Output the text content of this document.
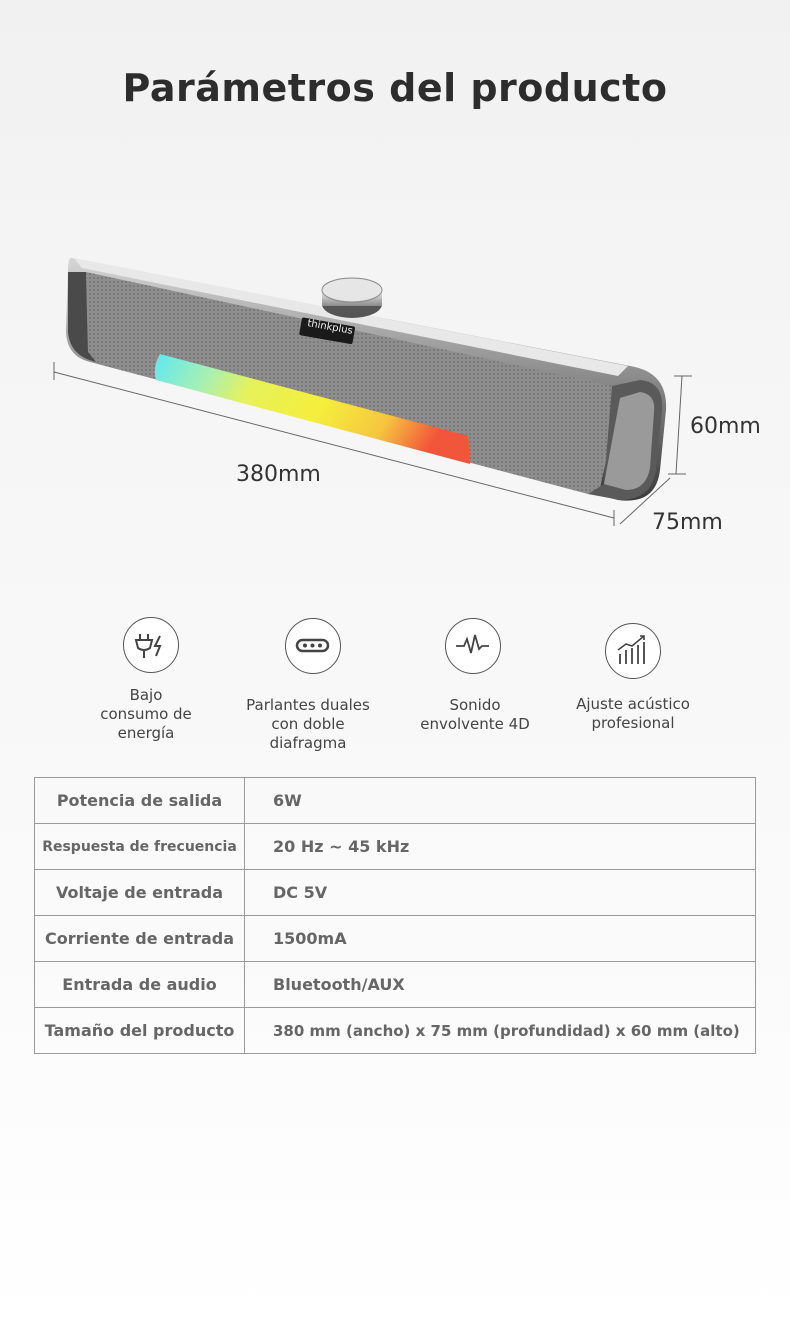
Parámetros del producto
thinkplus
380mm
60mm
75mm
Bajo
consumo de
energía
Parlantes duales
con doble
diafragma
Sonido
envolvente 4D
Ajuste acústico
profesional
Potencia de salida	6W
Respuesta de frecuencia	20 Hz ~ 45 kHz
Voltaje de entrada	DC 5V
Corriente de entrada	1500mA
Entrada de audio	Bluetooth/AUX
Tamaño del producto	380 mm (ancho) x 75 mm (profundidad) x 60 mm (alto)
